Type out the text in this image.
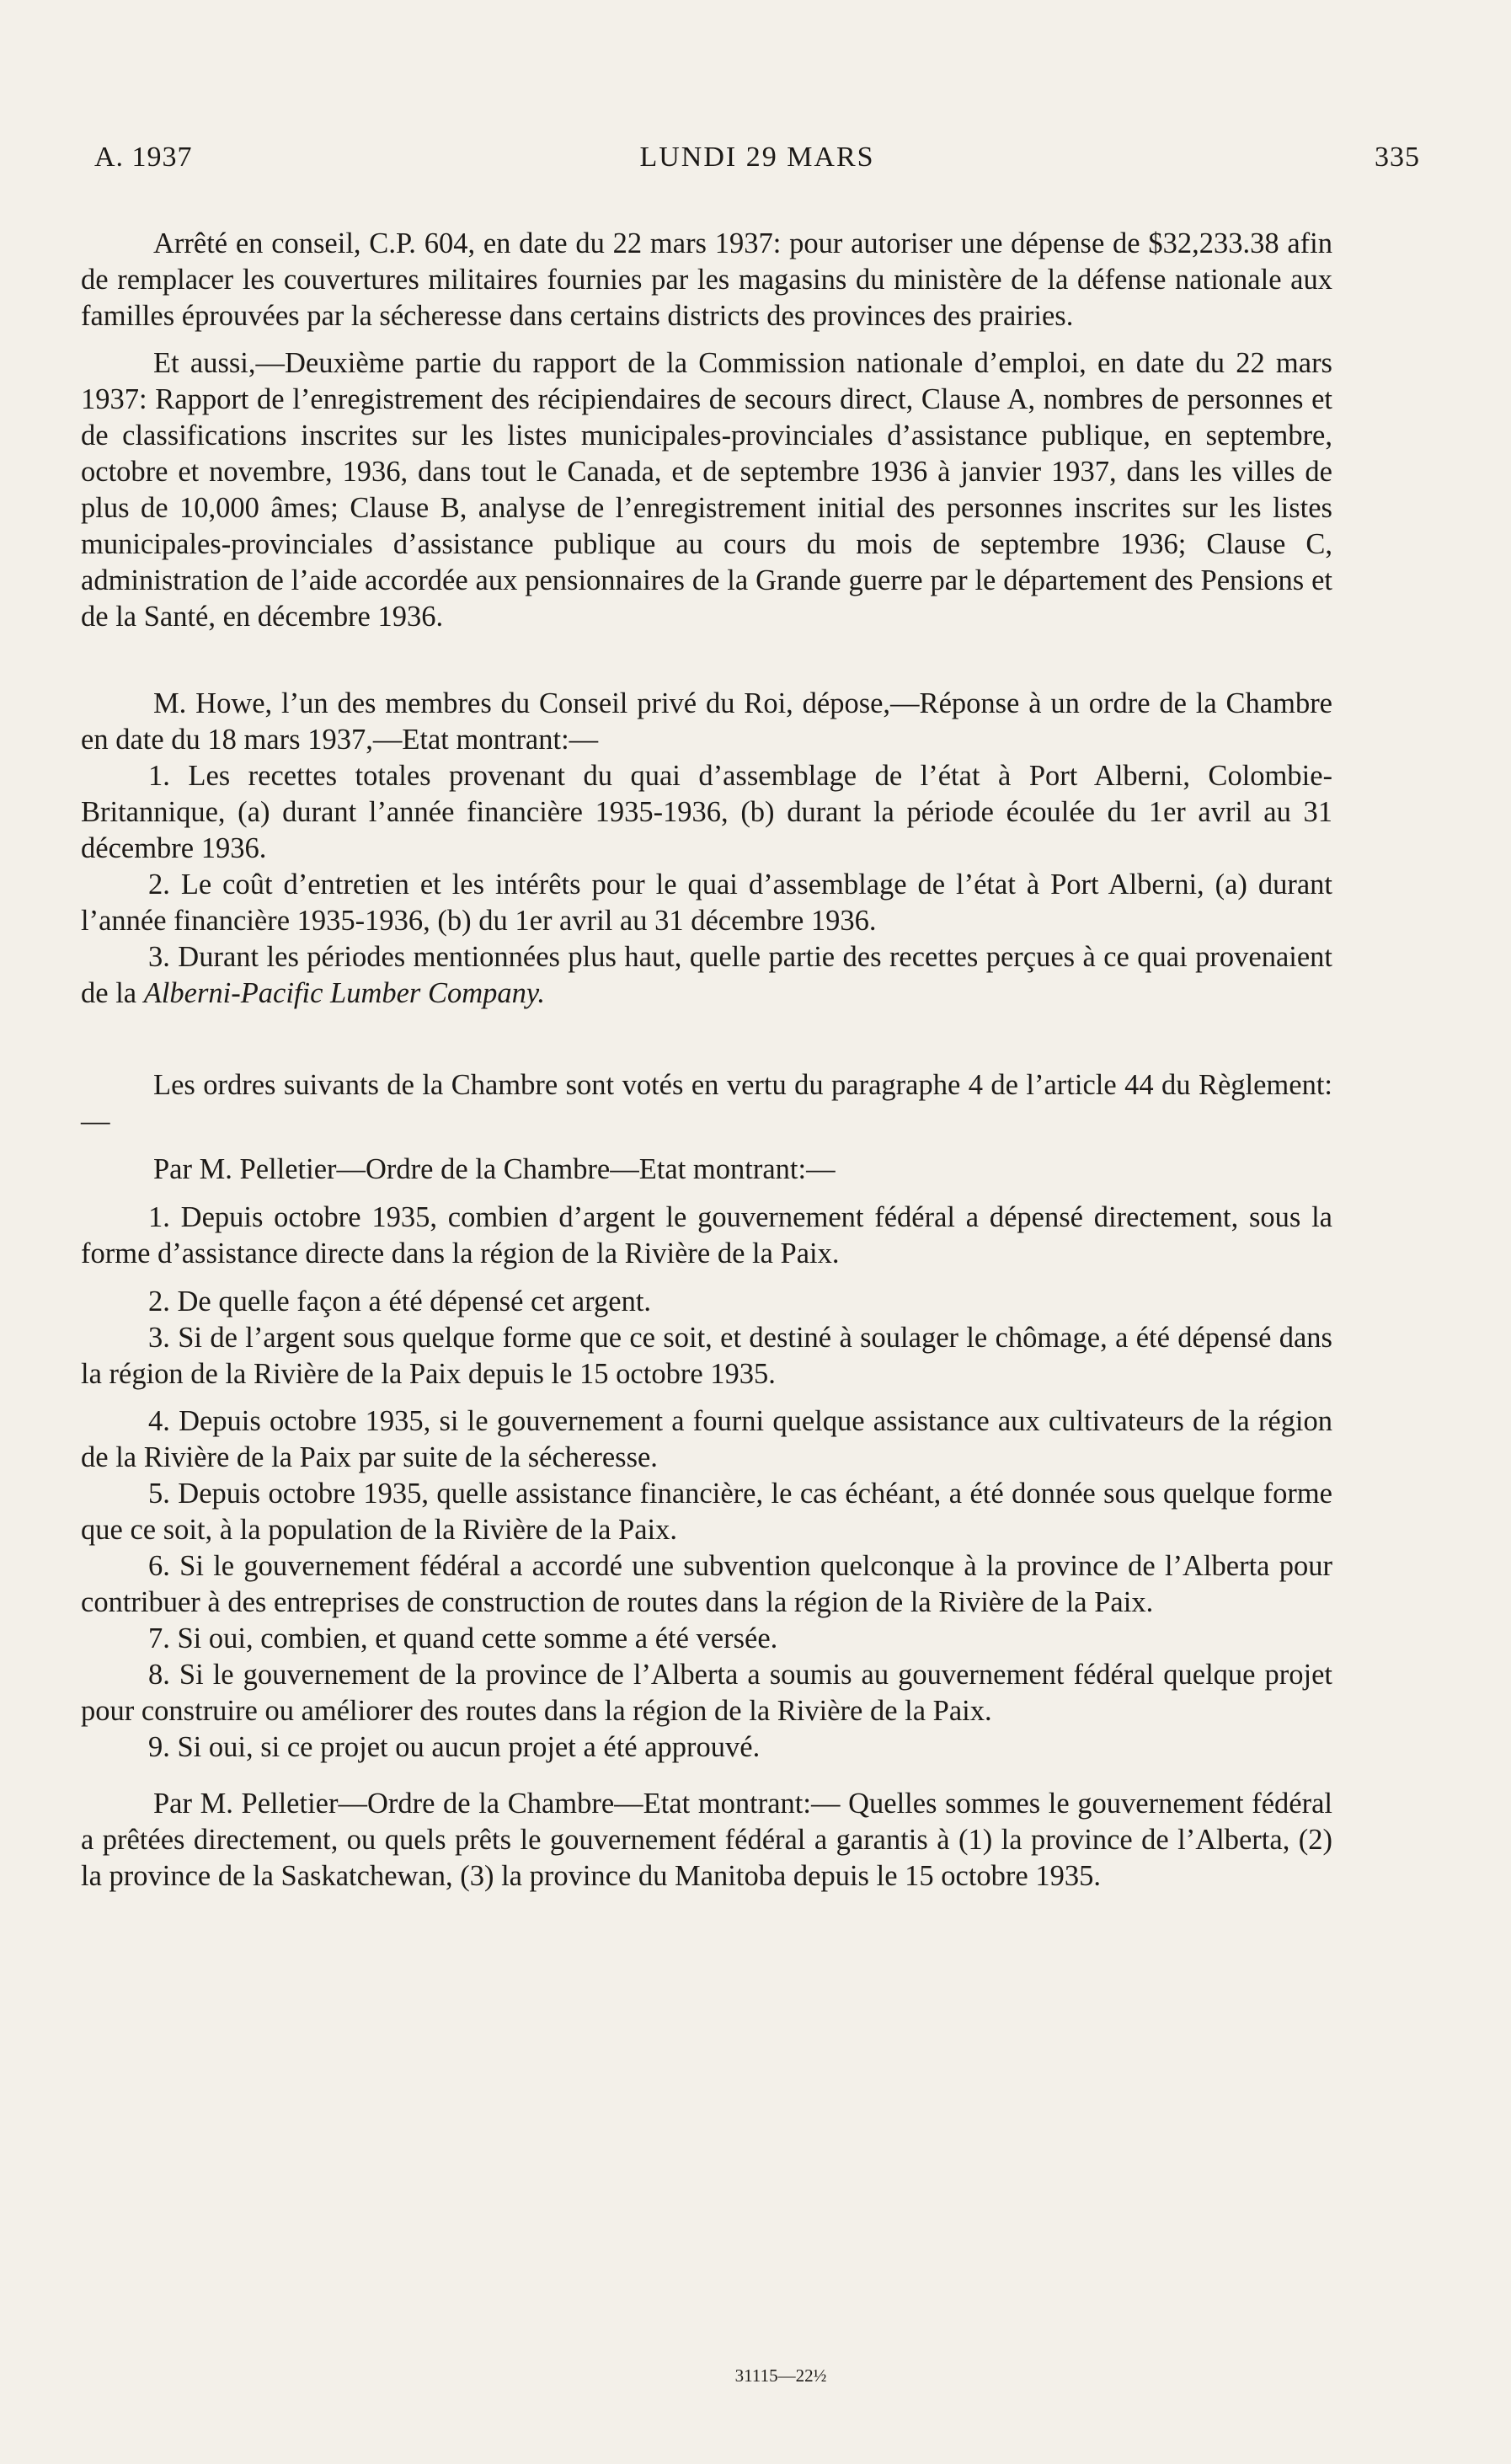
A. 1937	LUNDI 29 MARS	335

Arrêté en conseil, C.P. 604, en date du 22 mars 1937: pour autoriser une dépense de $32,233.38 afin de remplacer les couvertures militaires fournies par les magasins du ministère de la défense nationale aux familles éprouvées par la sécheresse dans certains districts des provinces des prairies.

Et aussi,—Deuxième partie du rapport de la Commission nationale d’emploi, en date du 22 mars 1937: Rapport de l’enregistrement des récipiendaires de secours direct, Clause A, nombres de personnes et de classifications inscrites sur les listes municipales-provinciales d’assistance publique, en septembre, octobre et novembre, 1936, dans tout le Canada, et de septembre 1936 à janvier 1937, dans les villes de plus de 10,000 âmes; Clause B, analyse de l’enregistrement initial des personnes inscrites sur les listes municipales-provinciales d’assistance publique au cours du mois de septembre 1936; Clause C, administration de l’aide accordée aux pensionnaires de la Grande guerre par le département des Pensions et de la Santé, en décembre 1936.

M. Howe, l’un des membres du Conseil privé du Roi, dépose,—Réponse à un ordre de la Chambre en date du 18 mars 1937,—Etat montrant:—

1. Les recettes totales provenant du quai d’assemblage de l’état à Port Alberni, Colombie-Britannique, (a) durant l’année financière 1935-1936, (b) durant la période écoulée du 1er avril au 31 décembre 1936.

2. Le coût d’entretien et les intérêts pour le quai d’assemblage de l’état à Port Alberni, (a) durant l’année financière 1935-1936, (b) du 1er avril au 31 décembre 1936.

3. Durant les périodes mentionnées plus haut, quelle partie des recettes perçues à ce quai provenaient de la Alberni-Pacific Lumber Company.

Les ordres suivants de la Chambre sont votés en vertu du paragraphe 4 de l’article 44 du Règlement:—

Par M. Pelletier—Ordre de la Chambre—Etat montrant:—

1. Depuis octobre 1935, combien d’argent le gouvernement fédéral a dépensé directement, sous la forme d’assistance directe dans la région de la Rivière de la Paix.

2. De quelle façon a été dépensé cet argent.

3. Si de l’argent sous quelque forme que ce soit, et destiné à soulager le chômage, a été dépensé dans la région de la Rivière de la Paix depuis le 15 octobre 1935.

4. Depuis octobre 1935, si le gouvernement a fourni quelque assistance aux cultivateurs de la région de la Rivière de la Paix par suite de la sécheresse.

5. Depuis octobre 1935, quelle assistance financière, le cas échéant, a été donnée sous quelque forme que ce soit, à la population de la Rivière de la Paix.

6. Si le gouvernement fédéral a accordé une subvention quelconque à la province de l’Alberta pour contribuer à des entreprises de construction de routes dans la région de la Rivière de la Paix.

7. Si oui, combien, et quand cette somme a été versée.

8. Si le gouvernement de la province de l’Alberta a soumis au gouvernement fédéral quelque projet pour construire ou améliorer des routes dans la région de la Rivière de la Paix.

9. Si oui, si ce projet ou aucun projet a été approuvé.

Par M. Pelletier—Ordre de la Chambre—Etat montrant:— Quelles sommes le gouvernement fédéral a prêtées directement, ou quels prêts le gouvernement fédéral a garantis à (1) la province de l’Alberta, (2) la province de la Saskatchewan, (3) la province du Manitoba depuis le 15 octobre 1935.

31115—22½
